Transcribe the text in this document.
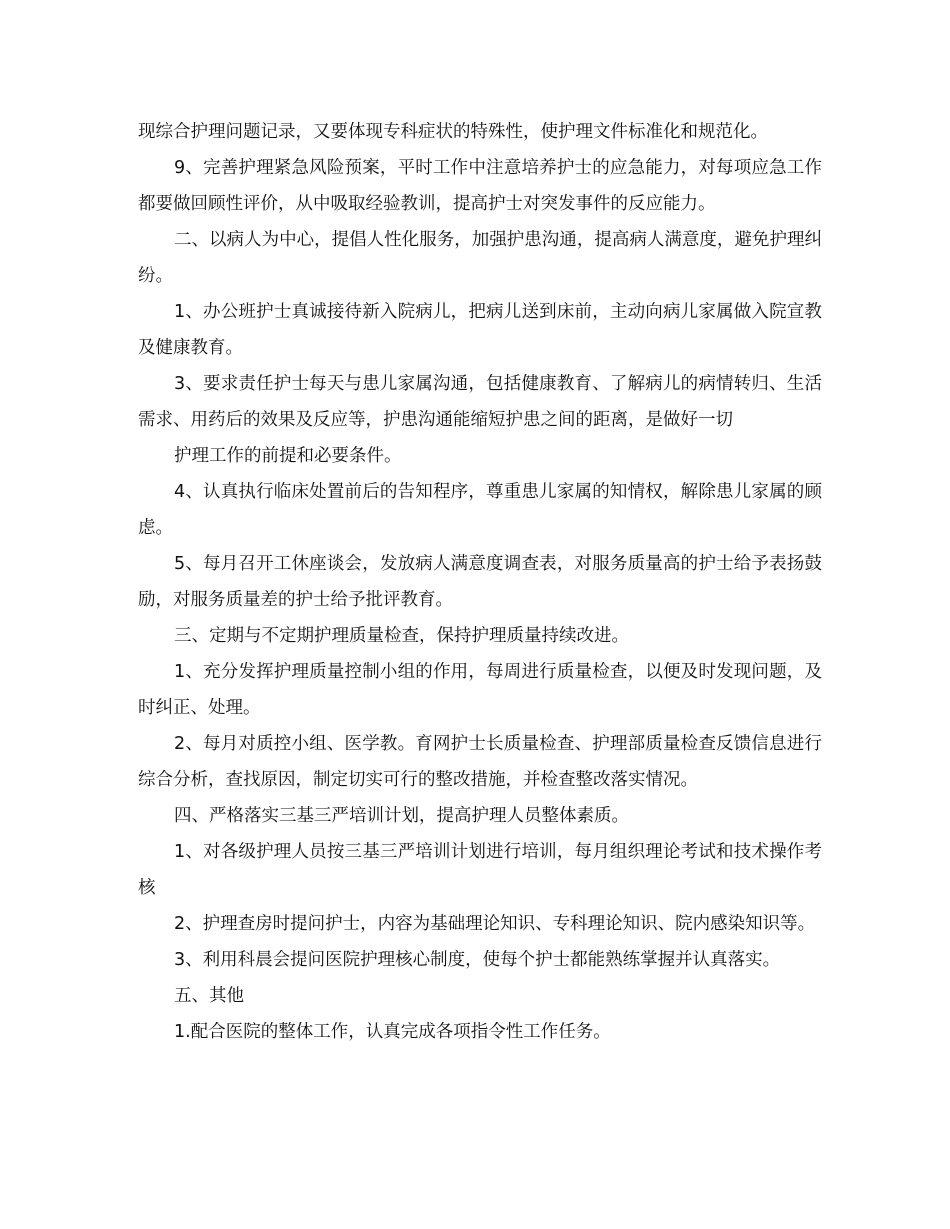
现综合护理问题记录，又要体现专科症状的特殊性，使护理文件标准化和规范化。

9、完善护理紧急风险预案，平时工作中注意培养护士的应急能力，对每项应急工作都要做回顾性评价，从中吸取经验教训，提高护士对突发事件的反应能力。

二、以病人为中心，提倡人性化服务，加强护患沟通，提高病人满意度，避免护理纠纷。

1、办公班护士真诚接待新入院病儿，把病儿送到床前，主动向病儿家属做入院宣教及健康教育。

3、要求责任护士每天与患儿家属沟通，包括健康教育、了解病儿的病情转归、生活需求、用药后的效果及反应等，护患沟通能缩短护患之间的距离，是做好一切

护理工作的前提和必要条件。

4、认真执行临床处置前后的告知程序，尊重患儿家属的知情权，解除患儿家属的顾虑。

5、每月召开工休座谈会，发放病人满意度调查表，对服务质量高的护士给予表扬鼓励，对服务质量差的护士给予批评教育。

三、定期与不定期护理质量检查，保持护理质量持续改进。

1、充分发挥护理质量控制小组的作用，每周进行质量检查，以便及时发现问题，及时纠正、处理。

2、每月对质控小组、医学教。育网护士长质量检查、护理部质量检查反馈信息进行综合分析，查找原因，制定切实可行的整改措施，并检查整改落实情况。

四、严格落实三基三严培训计划，提高护理人员整体素质。

1、对各级护理人员按三基三严培训计划进行培训，每月组织理论考试和技术操作考核

2、护理查房时提问护士，内容为基础理论知识、专科理论知识、院内感染知识等。

3、利用科晨会提问医院护理核心制度，使每个护士都能熟练掌握并认真落实。

五、其他

1.配合医院的整体工作，认真完成各项指令性工作任务。
